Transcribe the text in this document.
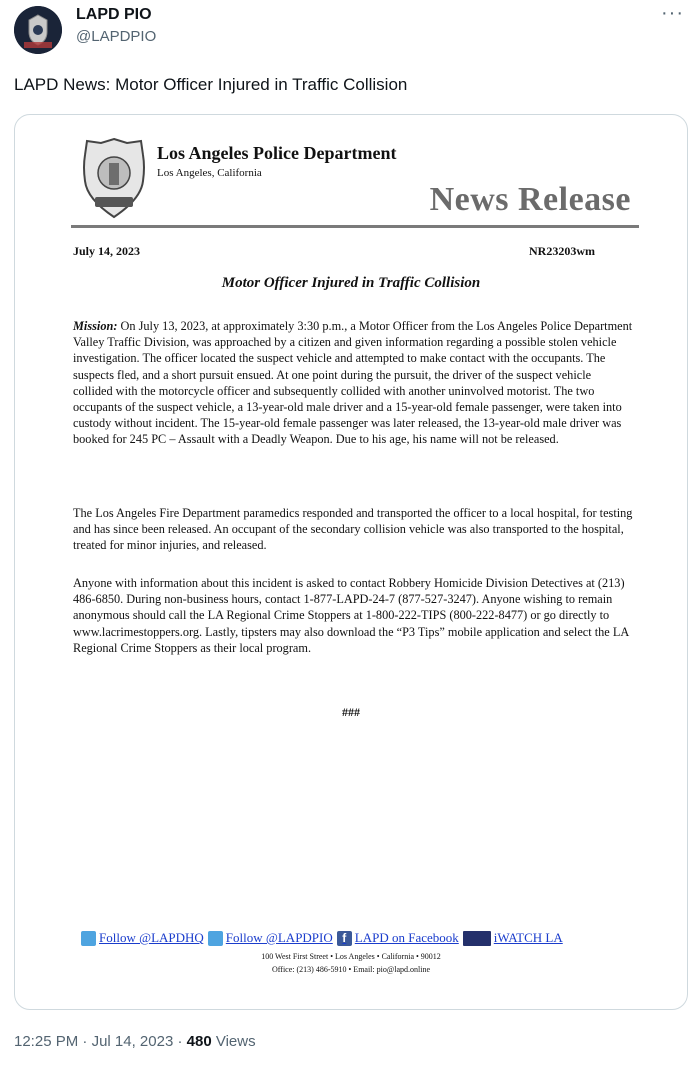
LAPD PIO
@LAPDPIO
···
LAPD News: Motor Officer Injured in Traffic Collision
Los Angeles Police Department
Los Angeles, California
News Release
July 14, 2023	NR23203wm
Motor Officer Injured in Traffic Collision
Mission: On July 13, 2023, at approximately 3:30 p.m., a Motor Officer from the Los Angeles Police Department Valley Traffic Division, was approached by a citizen and given information regarding a possible stolen vehicle investigation. The officer located the suspect vehicle and attempted to make contact with the occupants. The suspects fled, and a short pursuit ensued. At one point during the pursuit, the driver of the suspect vehicle collided with the motorcycle officer and subsequently collided with another uninvolved motorist. The two occupants of the suspect vehicle, a 13-year-old male driver and a 15-year-old female passenger, were taken into custody without incident. The 15-year-old female passenger was later released, the 13-year-old male driver was booked for 245 PC – Assault with a Deadly Weapon. Due to his age, his name will not be released.
The Los Angeles Fire Department paramedics responded and transported the officer to a local hospital, for testing and has since been released. An occupant of the secondary collision vehicle was also transported to the hospital, treated for minor injuries, and released.
Anyone with information about this incident is asked to contact Robbery Homicide Division Detectives at (213) 486-6850. During non-business hours, contact 1-877-LAPD-24-7 (877-527-3247). Anyone wishing to remain anonymous should call the LA Regional Crime Stoppers at 1-800-222-TIPS (800-222-8477) or go directly to www.lacrimestoppers.org. Lastly, tipsters may also download the “P3 Tips” mobile application and select the LA Regional Crime Stoppers as their local program.
###
Follow @LAPDHQ Follow @LAPDPIO f LAPD on Facebook	iWATCH LA
100 West First Street • Los Angeles • California • 90012
Office: (213) 486-5910 • Email: pio@lapd.online
12:25 PM · Jul 14, 2023 · 480 Views
